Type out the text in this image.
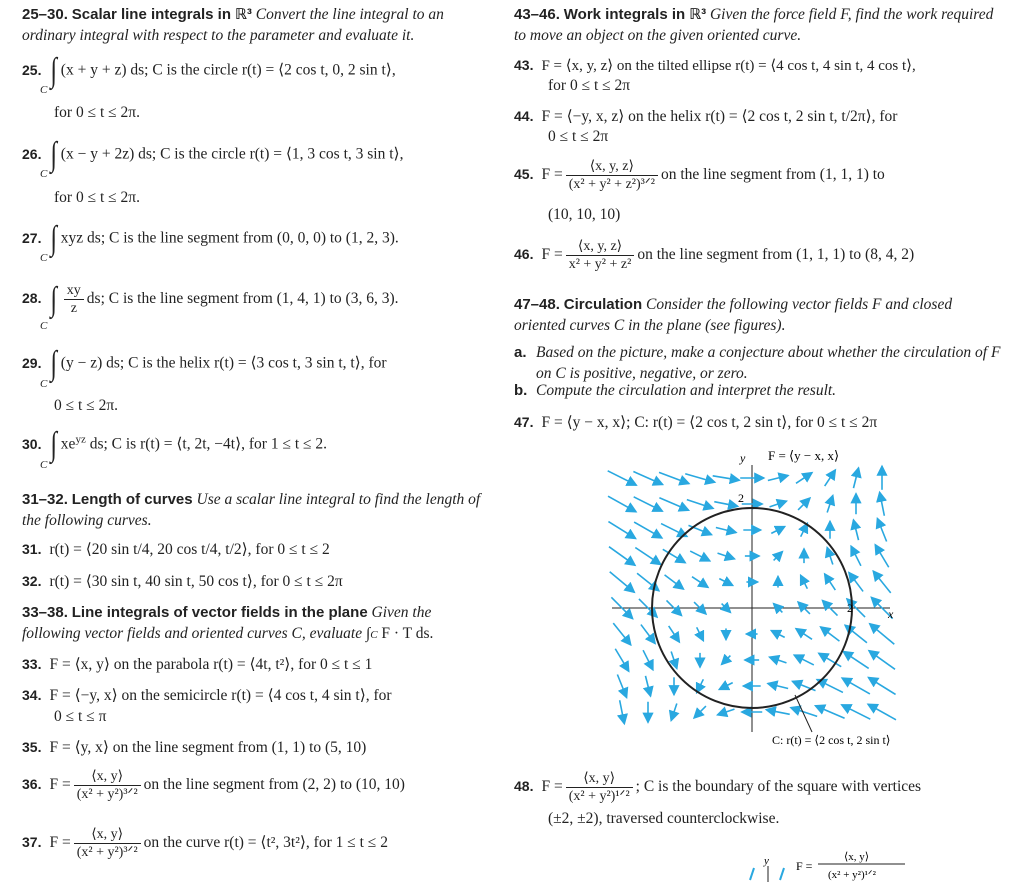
25–30. Scalar line integrals in ℝ³ Convert the line integral to an ordinary integral with respect to the parameter and evaluate it.
25. ∫ (x + y + z) ds; C is the circle r(t) = ⟨2 cos t, 0, 2 sin t⟩,
C
for 0 ≤ t ≤ 2π.
26. ∫ (x − y + 2z) ds; C is the circle r(t) = ⟨1, 3 cos t, 3 sin t⟩,
C
for 0 ≤ t ≤ 2π.
27. ∫ xyz ds; C is the line segment from (0, 0, 0) to (1, 2, 3).
C
28. ∫ $\frac{xy}{z}$ ds; C is the line segment from (1, 4, 1) to (3, 6, 3).
C
29. ∫ (y − z) ds; C is the helix r(t) = ⟨3 cos t, 3 sin t, t⟩, for
C
0 ≤ t ≤ 2π.
30. ∫ $xe^{yz}$ ds; C is r(t) = ⟨t, 2t, −4t⟩, for 1 ≤ t ≤ 2.
C
31–32. Length of curves Use a scalar line integral to find the length of the following curves.
31. r(t) = ⟨20 sin t/4, 20 cos t/4, t/2⟩, for 0 ≤ t ≤ 2
32. r(t) = ⟨30 sin t, 40 sin t, 50 cos t⟩, for 0 ≤ t ≤ 2π
33–38. Line integrals of vector fields in the plane Given the following vector fields and oriented curves C, evaluate ∫C F · T ds.
33. F = ⟨x, y⟩ on the parabola r(t) = ⟨4t, t²⟩, for 0 ≤ t ≤ 1
34. F = ⟨−y, x⟩ on the semicircle r(t) = ⟨4 cos t, 4 sin t⟩, for
0 ≤ t ≤ π
35. F = ⟨y, x⟩ on the line segment from (1, 1) to (5, 10)
36. $F = \frac{⟨x, y⟩}{\text{(x² + y²)³ᐟ²}}$ on the line segment from (2, 2) to (10, 10)
37. $F = \frac{⟨x, y⟩}{\text{(x² + y²)³ᐟ²}}$ on the curve r(t) = ⟨t², 3t²⟩, for 1 ≤ t ≤ 2
43–46. Work integrals in ℝ³ Given the force field F, find the work required to move an object on the given oriented curve.
43. F = ⟨x, y, z⟩ on the tilted ellipse r(t) = ⟨4 cos t, 4 sin t, 4 cos t⟩,
for 0 ≤ t ≤ 2π
44. F = ⟨−y, x, z⟩ on the helix r(t) = ⟨2 cos t, 2 sin t, t/2π⟩, for
0 ≤ t ≤ 2π
45. $F = \frac{⟨x, y, z⟩}{\text{(x² + y² + z²)³ᐟ²}}$ on the line segment from (1, 1, 1) to
(10, 10, 10)
46. $F = \frac{⟨x, y, z⟩}{\text{x² + y² + z²}}$ on the line segment from (1, 1, 1) to (8, 4, 2)
47–48. Circulation Consider the following vector fields F and closed oriented curves C in the plane (see figures).
a. Based on the picture, make a conjecture about whether the circulation of F on C is positive, negative, or zero.
b. Compute the circulation and interpret the result.
47. F = ⟨y − x, x⟩; C: r(t) = ⟨2 cos t, 2 sin t⟩, for 0 ≤ t ≤ 2π
48. $F = \frac{⟨x, y⟩}{\text{(x² + y²)¹ᐟ²}}$ ; C is the boundary of the square with vertices
(±2, ±2), traversed counterclockwise.
y F = ⟨y − x, x⟩
x
2
2
C: r(t) = ⟨2 cos t, 2 sin t⟩
y F =
⟨x, y⟩
(x² + y²)¹ᐟ²
